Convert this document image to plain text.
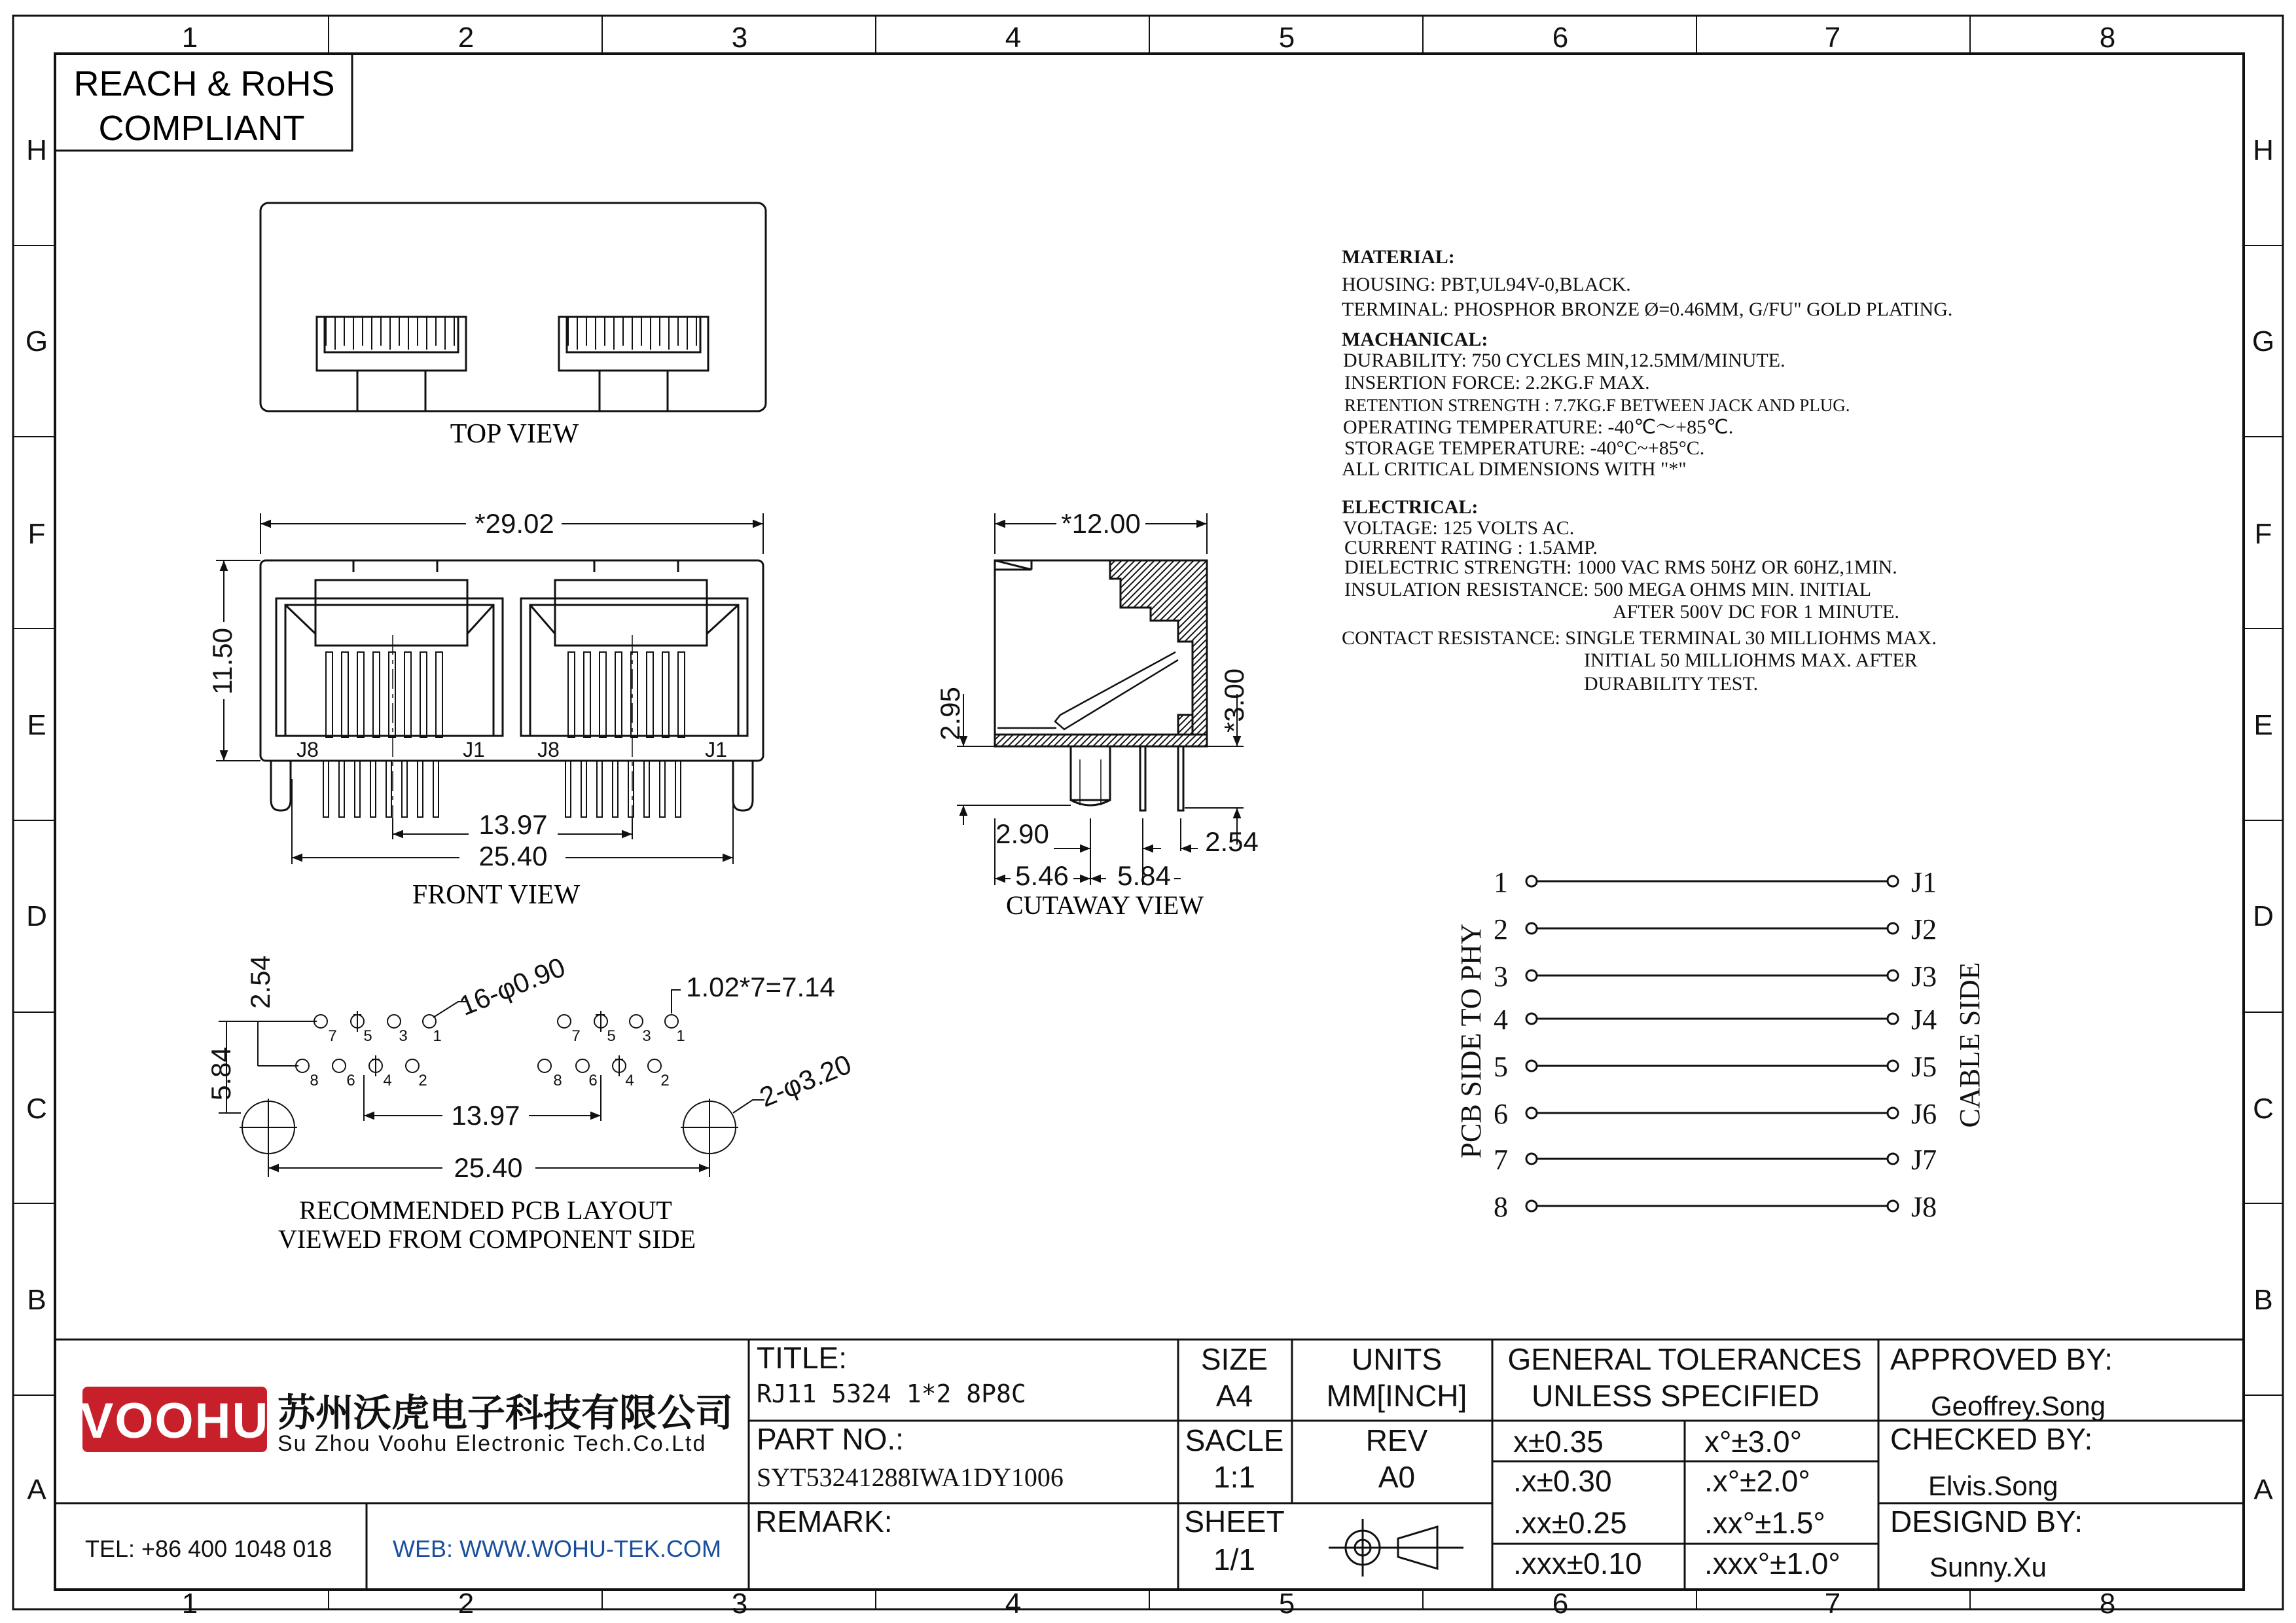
1	2	3	4	5	6	7	8
1	2	3	4	5	6	7	8
H
G
F
E
D
C
B
A
H
G
F
E
D
C
B
A
REACH & RoHS
COMPLIANT
TOP VIEW
*29.02
11.50
J8	J1	J8	J1
13.97
25.40
FRONT VIEW
*12.00
2.95	*3.00
2.90
5.46 5.84
2.54
CUTAWAY VIEW
2.54
5.84
16-φ0.90	1.02*7=7.14
2-φ3.20
13.97
25.40
7 5 3 1
8 6 4 2
7 5 3 1
8 6 4 2
RECOMMENDED PCB LAYOUT
VIEWED FROM COMPONENT SIDE
MATERIAL:
HOUSING: PBT,UL94V-0,BLACK.
TERMINAL: PHOSPHOR BRONZE Ø=0.46MM, G/FU" GOLD PLATING.
MACHANICAL:
DURABILITY: 750 CYCLES MIN,12.5MM/MINUTE.
INSERTION FORCE: 2.2KG.F MAX.
RETENTION STRENGTH : 7.7KG.F BETWEEN JACK AND PLUG.
OPERATING TEMPERATURE: -40℃～+85℃.
STORAGE TEMPERATURE: -40°C~+85°C.
ALL CRITICAL DIMENSIONS WITH "*"
ELECTRICAL:
VOLTAGE: 125 VOLTS AC.
CURRENT RATING : 1.5AMP.
DIELECTRIC STRENGTH: 1000 VAC RMS 50HZ OR 60HZ,1MIN.
INSULATION RESISTANCE: 500 MEGA OHMS MIN. INITIAL
AFTER 500V DC FOR 1 MINUTE.
CONTACT RESISTANCE: SINGLE TERMINAL 30 MILLIOHMS MAX.
INITIAL 50 MILLIOHMS MAX. AFTER
DURABILITY TEST.
1
2
3
4
5
6
7
8
J1
J2
J3
J4
J5
J6
J7
J8
PCB SIDE TO PHY	CABLE SIDE
VOOHU 苏州沃虎电子科技有限公司
Su Zhou Voohu Electronic Tech.Co.Ltd
TEL: +86 400 1048 018	WEB: WWW.WOHU-TEK.COM
TITLE:
RJ11 5324 1*2 8P8C
PART NO.:
SYT53241288IWA1DY1006
REMARK:
SIZE
A4
SACLE
1:1
SHEET
1/1
UNITS
MM[INCH]
REV
A0
GENERAL TOLERANCES
UNLESS SPECIFIED
x±0.35	x°±3.0°
.x±0.30	.x°±2.0°
.xx±0.25	.xx°±1.5°
.xxx±0.10 .xxx°±1.0°
APPROVED BY:
Geoffrey.Song
CHECKED BY:
Elvis.Song
DESIGND BY:
Sunny.Xu
